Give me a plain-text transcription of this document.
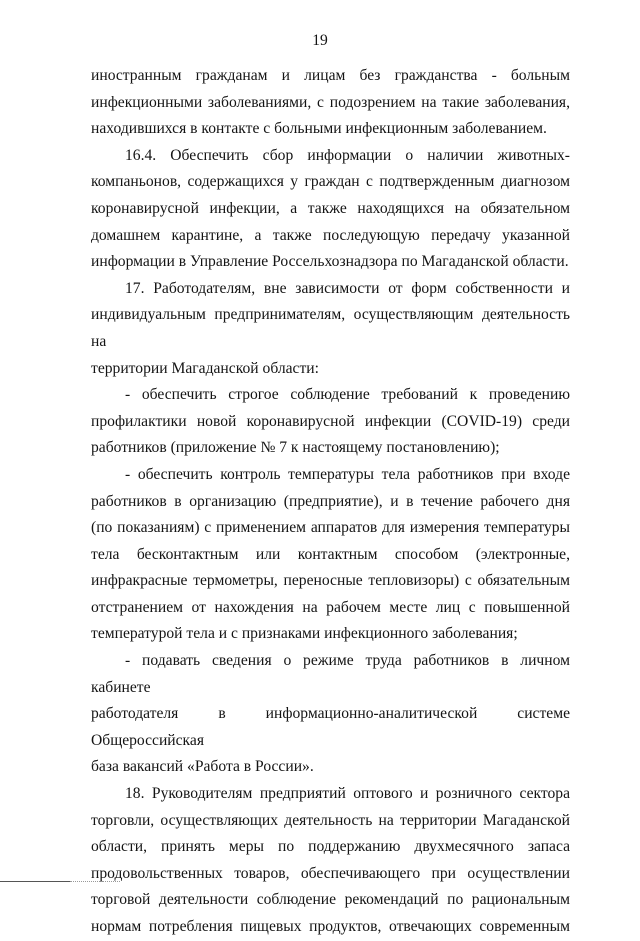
19

иностранным гражданам и лицам без гражданства - больным

инфекционными заболеваниями, с подозрением на такие заболевания,

находившихся в контакте с больными инфекционным заболеванием.

16.4. Обеспечить сбор информации о наличии животных-

компаньонов, содержащихся у граждан с подтвержденным диагнозом

коронавирусной инфекции, а также находящихся на обязательном

домашнем карантине, а также последующую передачу указанной

информации в Управление Россельхознадзора по Магаданской области.

17. Работодателям, вне зависимости от форм собственности и

индивидуальным предпринимателям, осуществляющим деятельность на

территории Магаданской области:

- обеспечить строгое соблюдение требований к проведению

профилактики новой коронавирусной инфекции (COVID-19) среди

работников (приложение № 7 к настоящему постановлению);

- обеспечить контроль температуры тела работников при входе

работников в организацию (предприятие), и в течение рабочего дня

(по показаниям) с применением аппаратов для измерения температуры

тела бесконтактным или контактным способом (электронные,

инфракрасные термометры, переносные тепловизоры) с обязательным

отстранением от нахождения на рабочем месте лиц с повышенной

температурой тела и с признаками инфекционного заболевания;

- подавать сведения о режиме труда работников в личном кабинете

работодателя в информационно-аналитической системе Общероссийская

база вакансий «Работа в России».

18. Руководителям предприятий оптового и розничного сектора

торговли, осуществляющих деятельность на территории Магаданской

области, принять меры по поддержанию двухмесячного запаса

продовольственных товаров, обеспечивающего при осуществлении

торговой деятельности соблюдение рекомендаций по рациональным

нормам потребления пищевых продуктов, отвечающих современным
